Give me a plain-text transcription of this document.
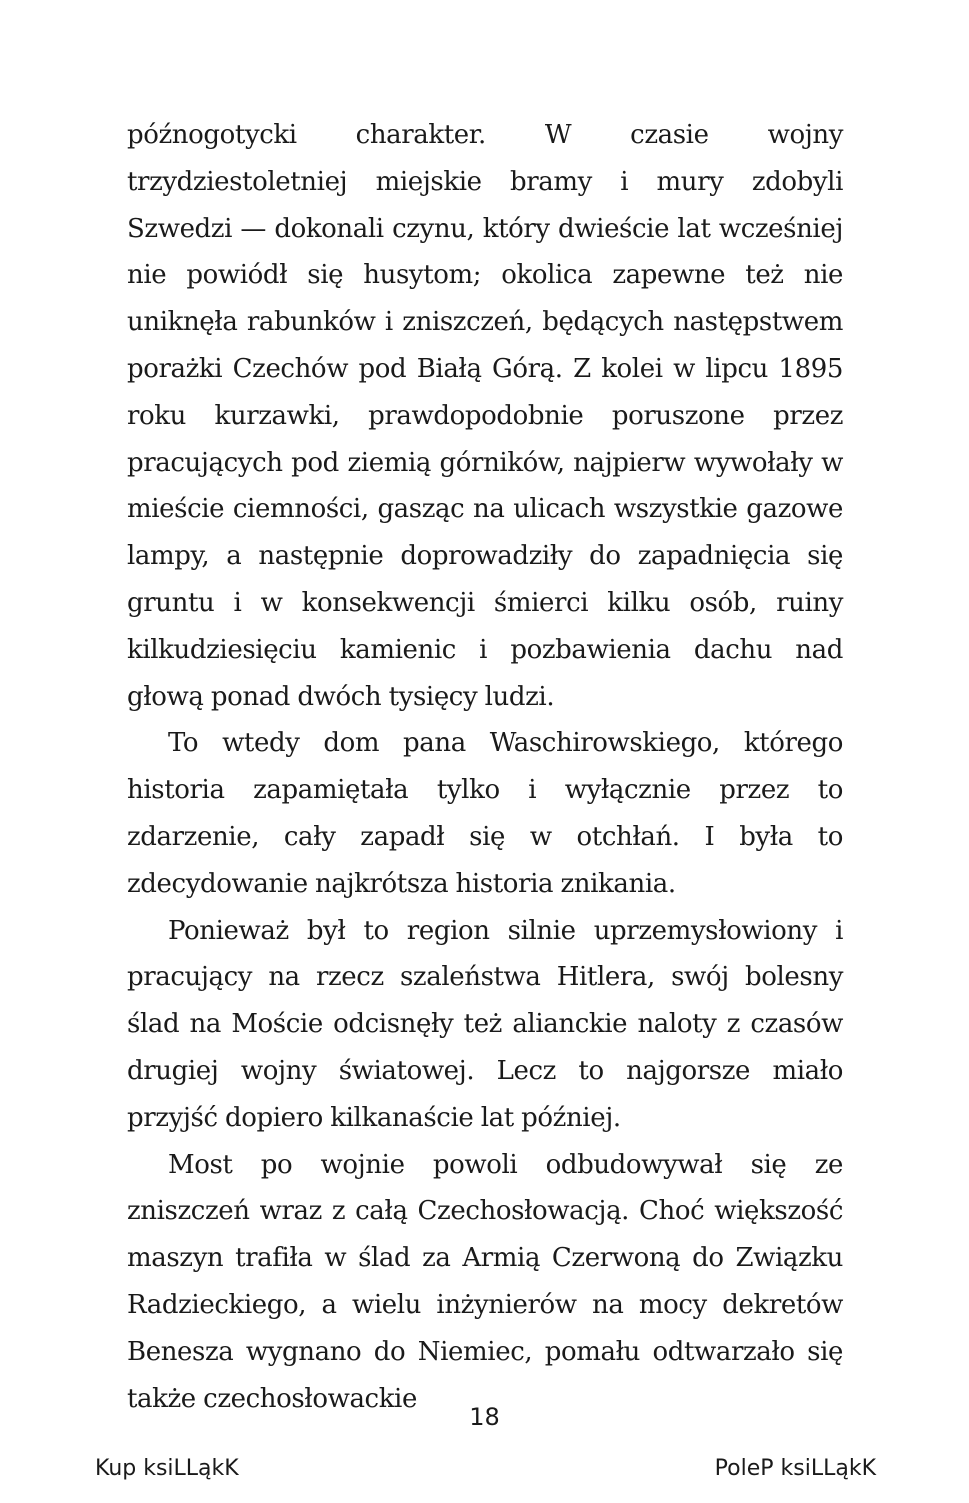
późnogotycki charakter. W czasie wojny trzydziestoletniej miejskie bramy i mury zdobyli Szwedzi — dokonali czynu, który dwieście lat wcześniej nie powiódł się husytom; okolica zapewne też nie uniknęła rabunków i zniszczeń, będących następstwem porażki Czechów pod Białą Górą. Z kolei w lipcu 1895 roku kurzawki, prawdopodobnie poruszone przez pracujących pod ziemią górników, najpierw wywołały w mieście ciemności, gasząc na ulicach wszystkie gazowe lampy, a następnie doprowadziły do zapadnięcia się gruntu i w konsekwencji śmierci kilku osób, ruiny kilkudziesięciu kamienic i pozbawienia dachu nad głową ponad dwóch tysięcy ludzi.

To wtedy dom pana Waschirowskiego, którego historia zapamiętała tylko i wyłącznie przez to zdarzenie, cały zapadł się w otchłań. I była to zdecydowanie najkrótsza historia znikania.

Ponieważ był to region silnie uprzemysłowiony i pracujący na rzecz szaleństwa Hitlera, swój bolesny ślad na Moście odcisnęły też alianckie naloty z czasów drugiej wojny światowej. Lecz to najgorsze miało przyjść dopiero kilkanaście lat później.

Most po wojnie powoli odbudowywał się ze zniszczeń wraz z całą Czechosłowacją. Choć większość maszyn trafiła w ślad za Armią Czerwoną do Związku Radzieckiego, a wielu inżynierów na mocy dekretów Benesza wygnano do Niemiec, pomału odtwarzało się także czechosłowackie

18
Kup ksiLLąkK	PoleP ksiLLąkK
